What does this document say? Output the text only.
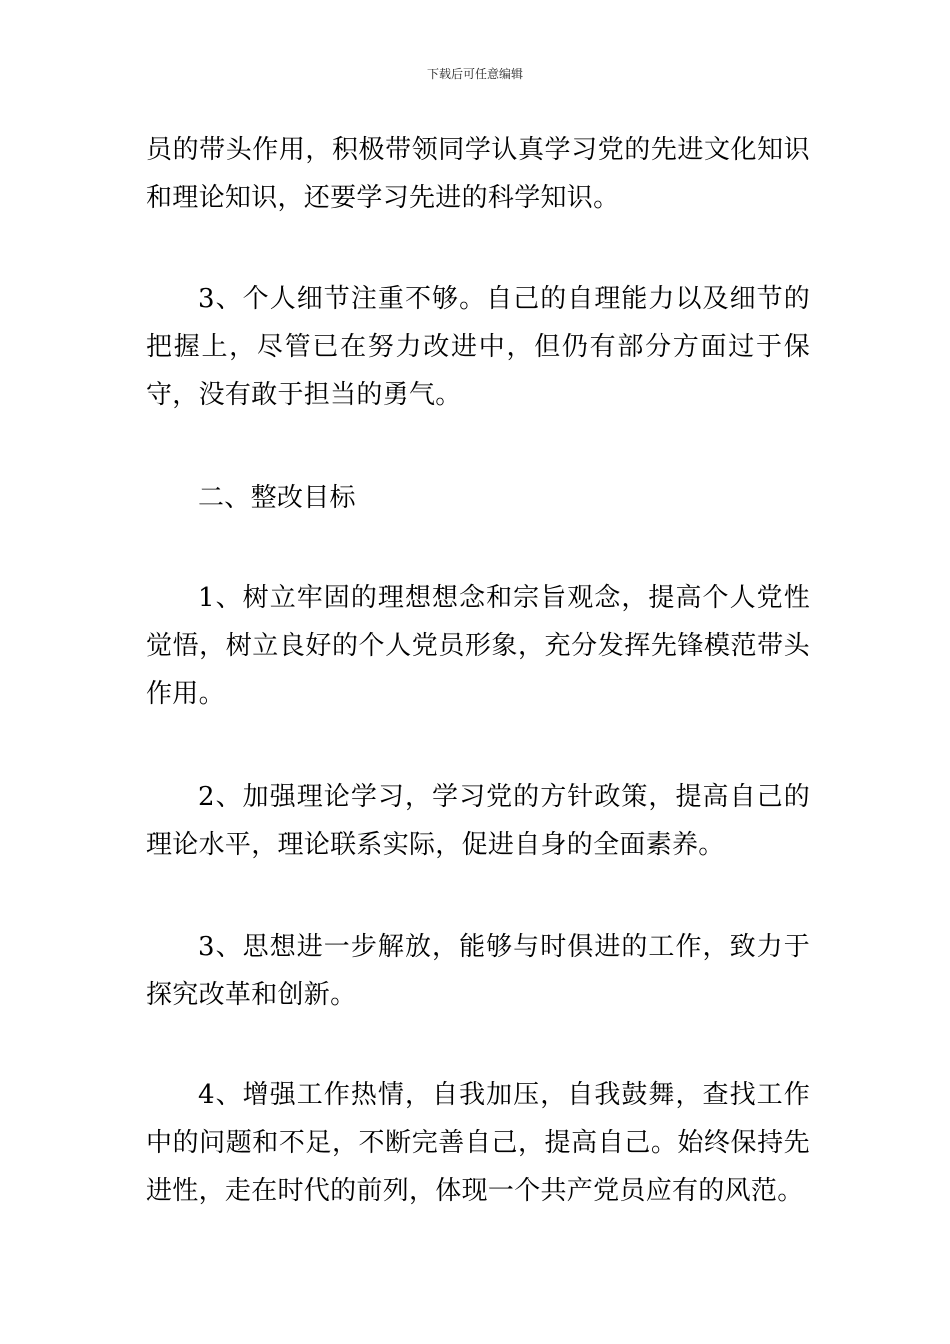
下载后可任意编辑

员的带头作用，积极带领同学认真学习党的先进文化知识和理论知识，还要学习先进的科学知识。

3、个人细节注重不够。自己的自理能力以及细节的把握上，尽管已在努力改进中，但仍有部分方面过于保守，没有敢于担当的勇气。

二、整改目标

1、树立牢固的理想想念和宗旨观念，提高个人党性觉悟，树立良好的个人党员形象，充分发挥先锋模范带头作用。

2、加强理论学习，学习党的方针政策，提高自己的理论水平，理论联系实际，促进自身的全面素养。

3、思想进一步解放，能够与时俱进的工作，致力于探究改革和创新。

4、增强工作热情，自我加压，自我鼓舞，查找工作中的问题和不足，不断完善自己，提高自己。始终保持先进性，走在时代的前列，体现一个共产党员应有的风范。
